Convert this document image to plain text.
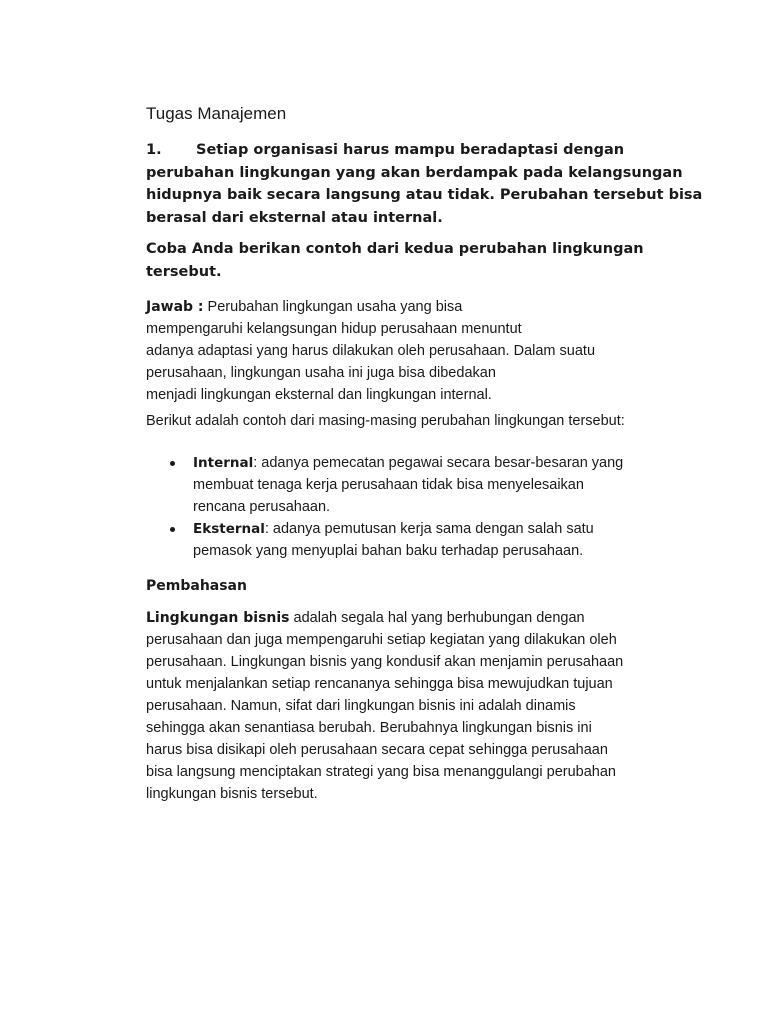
Tugas Manajemen
1. Setiap organisasi harus mampu beradaptasi dengan
perubahan lingkungan yang akan berdampak pada kelangsungan
hidupnya baik secara langsung atau tidak. Perubahan tersebut bisa
berasal dari eksternal atau internal.
Coba Anda berikan contoh dari kedua perubahan lingkungan
tersebut.
Jawab : Perubahan lingkungan usaha yang bisa
mempengaruhi kelangsungan hidup perusahaan menuntut
adanya adaptasi yang harus dilakukan oleh perusahaan. Dalam suatu
perusahaan, lingkungan usaha ini juga bisa dibedakan
menjadi lingkungan eksternal dan lingkungan internal.
Berikut adalah contoh dari masing-masing perubahan lingkungan tersebut:
Internal: adanya pemecatan pegawai secara besar-besaran yang
membuat tenaga kerja perusahaan tidak bisa menyelesaikan
rencana perusahaan.
Eksternal: adanya pemutusan kerja sama dengan salah satu
pemasok yang menyuplai bahan baku terhadap perusahaan.
Pembahasan
Lingkungan bisnis adalah segala hal yang berhubungan dengan
perusahaan dan juga mempengaruhi setiap kegiatan yang dilakukan oleh
perusahaan. Lingkungan bisnis yang kondusif akan menjamin perusahaan
untuk menjalankan setiap rencananya sehingga bisa mewujudkan tujuan
perusahaan. Namun, sifat dari lingkungan bisnis ini adalah dinamis
sehingga akan senantiasa berubah. Berubahnya lingkungan bisnis ini
harus bisa disikapi oleh perusahaan secara cepat sehingga perusahaan
bisa langsung menciptakan strategi yang bisa menanggulangi perubahan
lingkungan bisnis tersebut.
